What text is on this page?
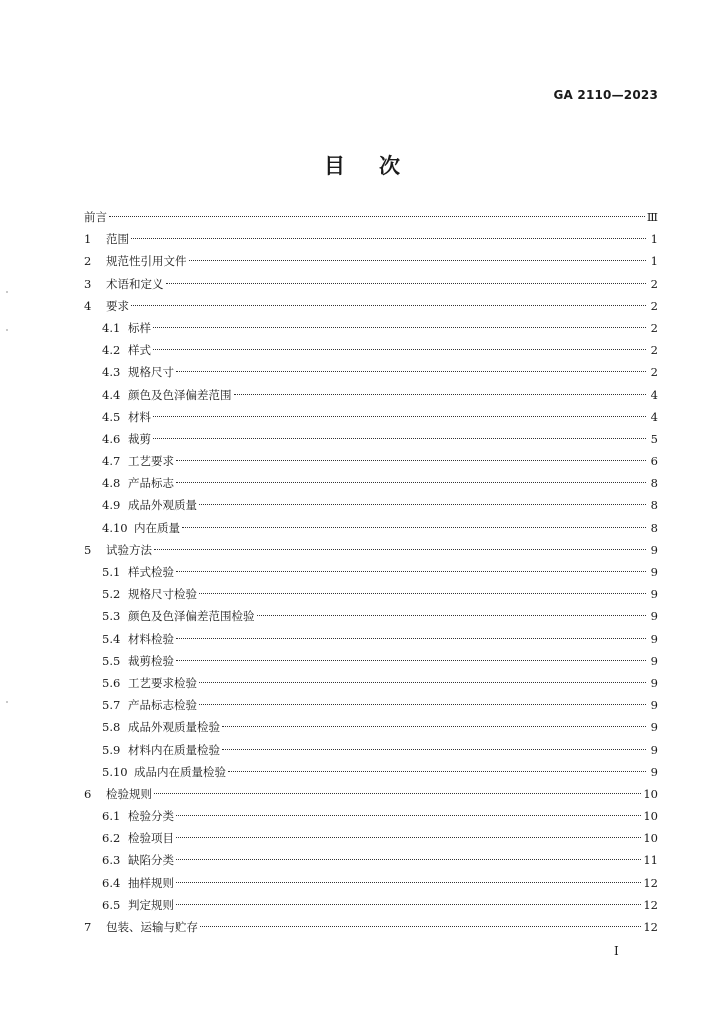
GA 2110—2023
目 次
前言	Ⅲ
1	范围	1
2	规范性引用文件	1
3	术语和定义	2
4	要求	2
4.1 标样	2
4.2 样式	2
4.3 规格尺寸	2
4.4 颜色及色泽偏差范围	4
4.5 材料	4
4.6 裁剪	5
4.7 工艺要求	6
4.8 产品标志	8
4.9 成品外观质量	8
4.10 内在质量	8
5	试验方法	9
5.1 样式检验	9
5.2 规格尺寸检验	9
5.3 颜色及色泽偏差范围检验	9
5.4 材料检验	9
5.5 裁剪检验	9
5.6 工艺要求检验	9
5.7 产品标志检验	9
5.8 成品外观质量检验	9
5.9 材料内在质量检验	9
5.10 成品内在质量检验	9
6	检验规则	10
6.1 检验分类	10
6.2 检验项目	10
6.3 缺陷分类	11
6.4 抽样规则	12
6.5 判定规则	12
7	包装、运输与贮存	12
Ⅰ
